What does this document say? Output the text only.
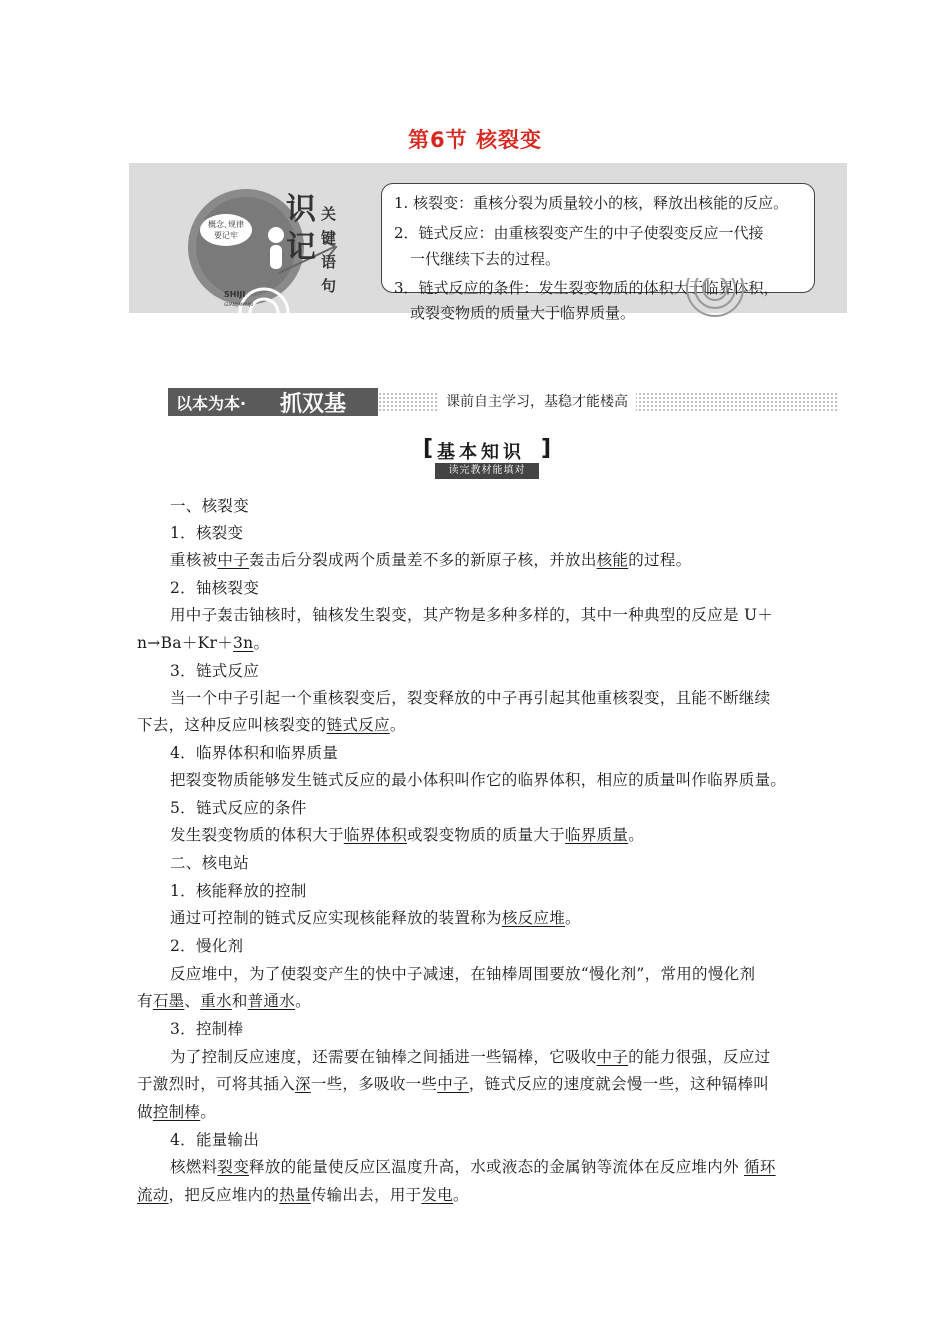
第6节 核裂变
概念､规律
要记牢
识
记
关
键
语
句
SHIJI
GUANJIANYUJU

1. 核裂变：重核分裂为质量较小的核，释放出核能的反应。

2．链式反应：由重核裂变产生的中子使裂变反应一代接

一代继续下去的过程。

3．链式反应的条件：发生裂变物质的体积大于临界体积，

或裂变物质的质量大于临界质量。

以本为本· 抓双基	课前自主学习，基稳才能楼高
[ 基本知识 ]
读完教材能填对

一、核裂变

1．核裂变

重核被中子轰击后分裂成两个质量差不多的新原子核，并放出核能的过程。

2．铀核裂变

用中子轰击铀核时，铀核发生裂变，其产物是多种多样的，其中一种典型的反应是 U＋

n→Ba＋Kr＋3n。

3．链式反应

当一个中子引起一个重核裂变后，裂变释放的中子再引起其他重核裂变，且能不断继续

下去，这种反应叫核裂变的链式反应。

4．临界体积和临界质量

把裂变物质能够发生链式反应的最小体积叫作它的临界体积，相应的质量叫作临界质量。

5．链式反应的条件

发生裂变物质的体积大于临界体积或裂变物质的质量大于临界质量。

二、核电站

1．核能释放的控制

通过可控制的链式反应实现核能释放的装置称为核反应堆。

2．慢化剂

反应堆中，为了使裂变产生的快中子减速，在铀棒周围要放“慢化剂”，常用的慢化剂

有石墨、重水和普通水。

3．控制棒

为了控制反应速度，还需要在铀棒之间插进一些镉棒，它吸收中子的能力很强，反应过

于激烈时，可将其插入深一些，多吸收一些中子，链式反应的速度就会慢一些，这种镉棒叫

做控制棒。

4．能量输出

核燃料裂变释放的能量使反应区温度升高，水或液态的金属钠等流体在反应堆内外 循环

流动，把反应堆内的热量传输出去，用于发电。
